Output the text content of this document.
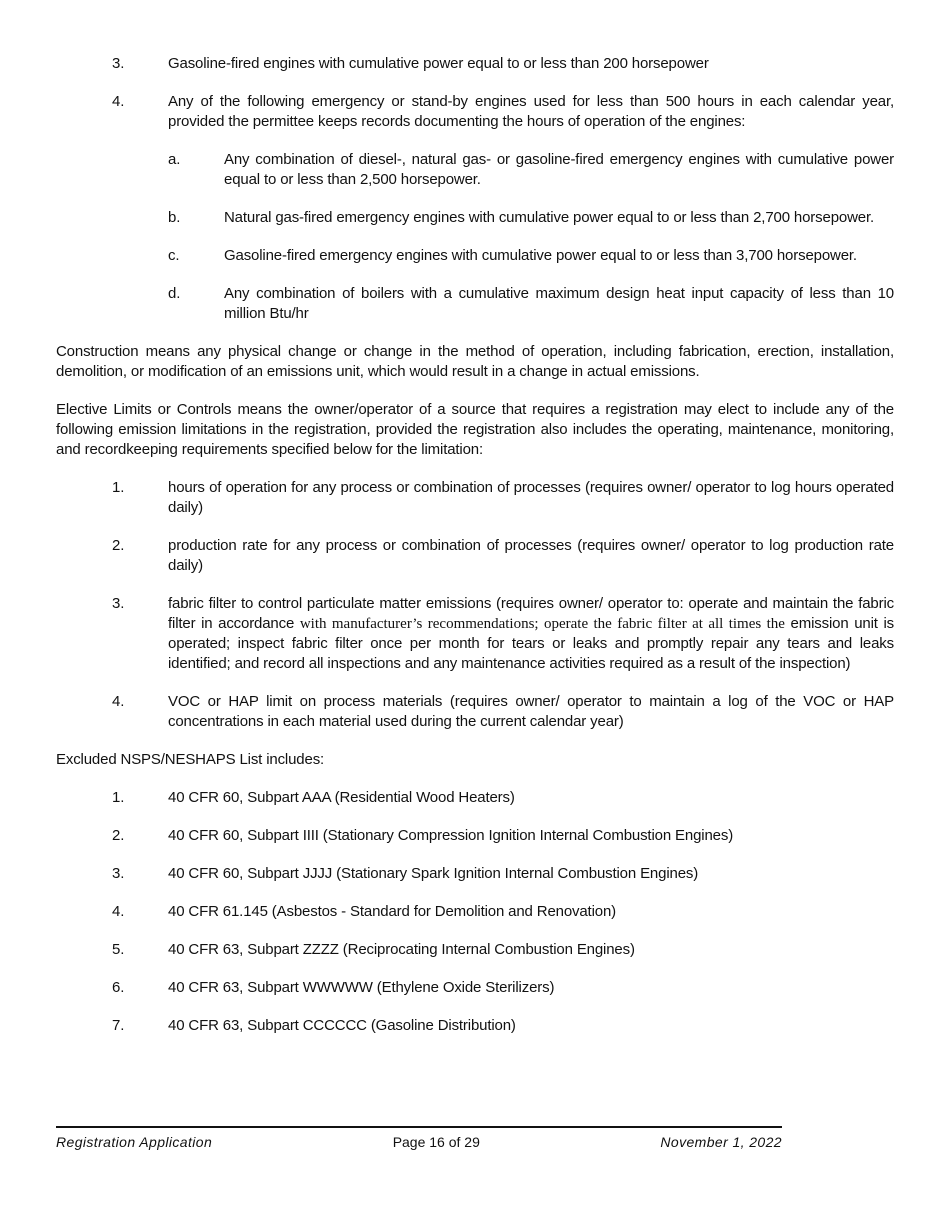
3.	Gasoline-fired engines with cumulative power equal to or less than 200 horsepower
4.	Any of the following emergency or stand-by engines used for less than 500 hours in each calendar year, provided the permittee keeps records documenting the hours of operation of the engines:
a.	Any combination of diesel-, natural gas- or gasoline-fired emergency engines with cumulative power equal to or less than 2,500 horsepower.
b.	Natural gas-fired emergency engines with cumulative power equal to or less than 2,700 horsepower.
c.	Gasoline-fired emergency engines with cumulative power equal to or less than 3,700 horsepower.
d.	Any combination of boilers with a cumulative maximum design heat input capacity of less than 10 million Btu/hr

Construction means any physical change or change in the method of operation, including fabrication, erection, installation, demolition, or modification of an emissions unit, which would result in a change in actual emissions.

Elective Limits or Controls means the owner/operator of a source that requires a registration may elect to include any of the following emission limitations in the registration, provided the registration also includes the operating, maintenance, monitoring, and recordkeeping requirements specified below for the limitation:

1.	hours of operation for any process or combination of processes (requires owner/ operator to log hours operated daily)
2.	production rate for any process or combination of processes (requires owner/ operator to log production rate daily)
3.	fabric filter to control particulate matter emissions (requires owner/ operator to: operate and maintain the fabric filter in accordance with manufacturer’s recommendations; operate the fabric filter at all times the emission unit is operated; inspect fabric filter once per month for tears or leaks and promptly repair any tears and leaks identified; and record all inspections and any maintenance activities required as a result of the inspection)
4.	VOC or HAP limit on process materials (requires owner/ operator to maintain a log of the VOC or HAP concentrations in each material used during the current calendar year)

Excluded NSPS/NESHAPS List includes:

1.	40 CFR 60, Subpart AAA (Residential Wood Heaters)
2.	40 CFR 60, Subpart IIII (Stationary Compression Ignition Internal Combustion Engines)
3.	40 CFR 60, Subpart JJJJ (Stationary Spark Ignition Internal Combustion Engines)
4.	40 CFR 61.145 (Asbestos - Standard for Demolition and Renovation)
5.	40 CFR 63, Subpart ZZZZ (Reciprocating Internal Combustion Engines)
6.	40 CFR 63, Subpart WWWWW (Ethylene Oxide Sterilizers)
7.	40 CFR 63, Subpart CCCCCC (Gasoline Distribution)
Registration Application	Page 16 of 29	November 1, 2022
